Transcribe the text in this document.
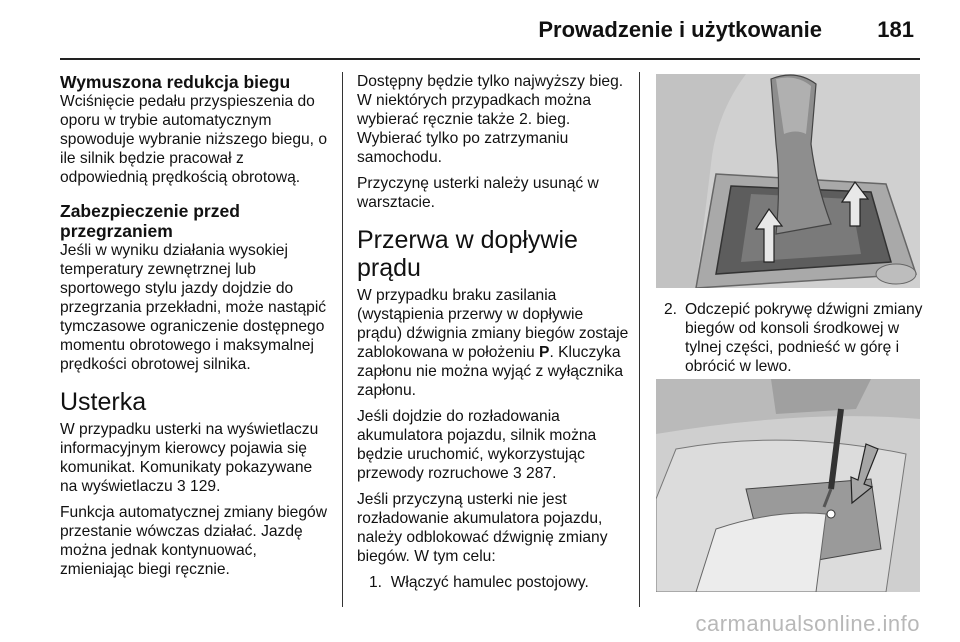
Prowadzenie i użytkowanie	181
Wymuszona redukcja biegu

Wciśnięcie pedału przyspieszenia do oporu w trybie automatycznym spowoduje wybranie niższego biegu, o ile silnik będzie pracował z odpowiednią prędkością obrotową.

Zabezpieczenie przed przegrzaniem

Jeśli w wyniku działania wysokiej temperatury zewnętrznej lub sportowego stylu jazdy dojdzie do przegrzania przekładni, może nastąpić tymczasowe ograniczenie dostępnego momentu obrotowego i maksymalnej prędkości obrotowej silnika.

Usterka

W przypadku usterki na wyświetlaczu informacyjnym kierowcy pojawia się komunikat. Komunikaty pokazywane na wyświetlaczu 3 129.

Funkcja automatycznej zmiany biegów przestanie wówczas działać. Jazdę można jednak kontynuować, zmieniając biegi ręcznie.

Dostępny będzie tylko najwyższy bieg. W niektórych przypadkach można wybierać ręcznie także 2. bieg. Wybierać tylko po zatrzymaniu samochodu.

Przyczynę usterki należy usunąć w warsztacie.

Przerwa w dopływie prądu

W przypadku braku zasilania (wystąpienia przerwy w dopływie prądu) dźwignia zmiany biegów zostaje zablokowana w położeniu P. Kluczyka zapłonu nie można wyjąć z wyłącznika zapłonu.

Jeśli dojdzie do rozładowania akumulatora pojazdu, silnik można będzie uruchomić, wykorzystując przewody rozruchowe 3 287.

Jeśli przyczyną usterki nie jest rozładowanie akumulatora pojazdu, należy odblokować dźwignię zmiany biegów. W tym celu:

1. Włączyć hamulec postojowy.

2. Odczepić pokrywę dźwigni zmiany biegów od konsoli środkowej w tylnej części, podnieść w górę i obrócić w lewo.
carmanualsonline.info
